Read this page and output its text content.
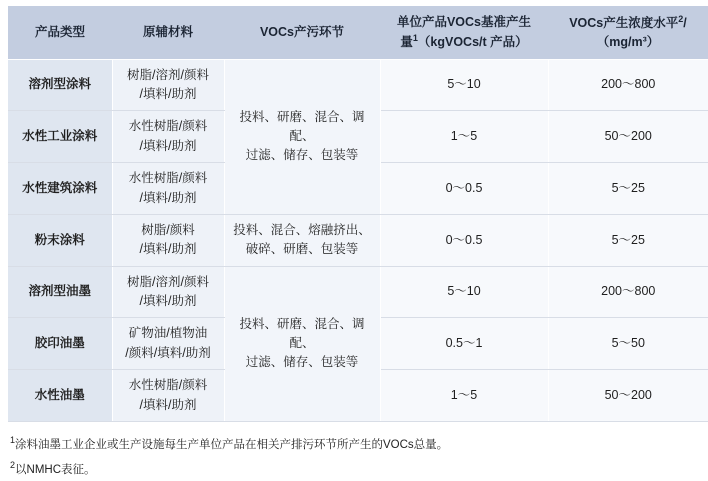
产品类型	原辅材料	VOCs产污环节	单位产品VOCs基准产生
量$^1$（kgVOCs/t 产品）	VOCs产生浓度水平$^2$/
（mg/m³）
溶剂型涂料	树脂/溶剂/颜料
/填料/助剂	投料、研磨、混合、调配、
过滤、储存、包装等	5～10	200～800
水性工业涂料	水性树脂/颜料
/填料/助剂		1～5	50～200
水性建筑涂料	水性树脂/颜料
/填料/助剂		0～0.5	5～25
粉末涂料	树脂/颜料
/填料/助剂	投料、混合、熔融挤出、
破碎、研磨、包装等	0～0.5	5～25
溶剂型油墨	树脂/溶剂/颜料
/填料/助剂	投料、研磨、混合、调配、
过滤、储存、包装等	5～10	200～800
胶印油墨	矿物油/植物油
/颜料/填料/助剂		0.5～1	5～50
水性油墨	水性树脂/颜料
/填料/助剂		1～5	50～200
$^1$涂料油墨工业企业或生产设施每生产单位产品在相关产排污环节所产生的VOCs总量。
$^2$以NMHC表征。
